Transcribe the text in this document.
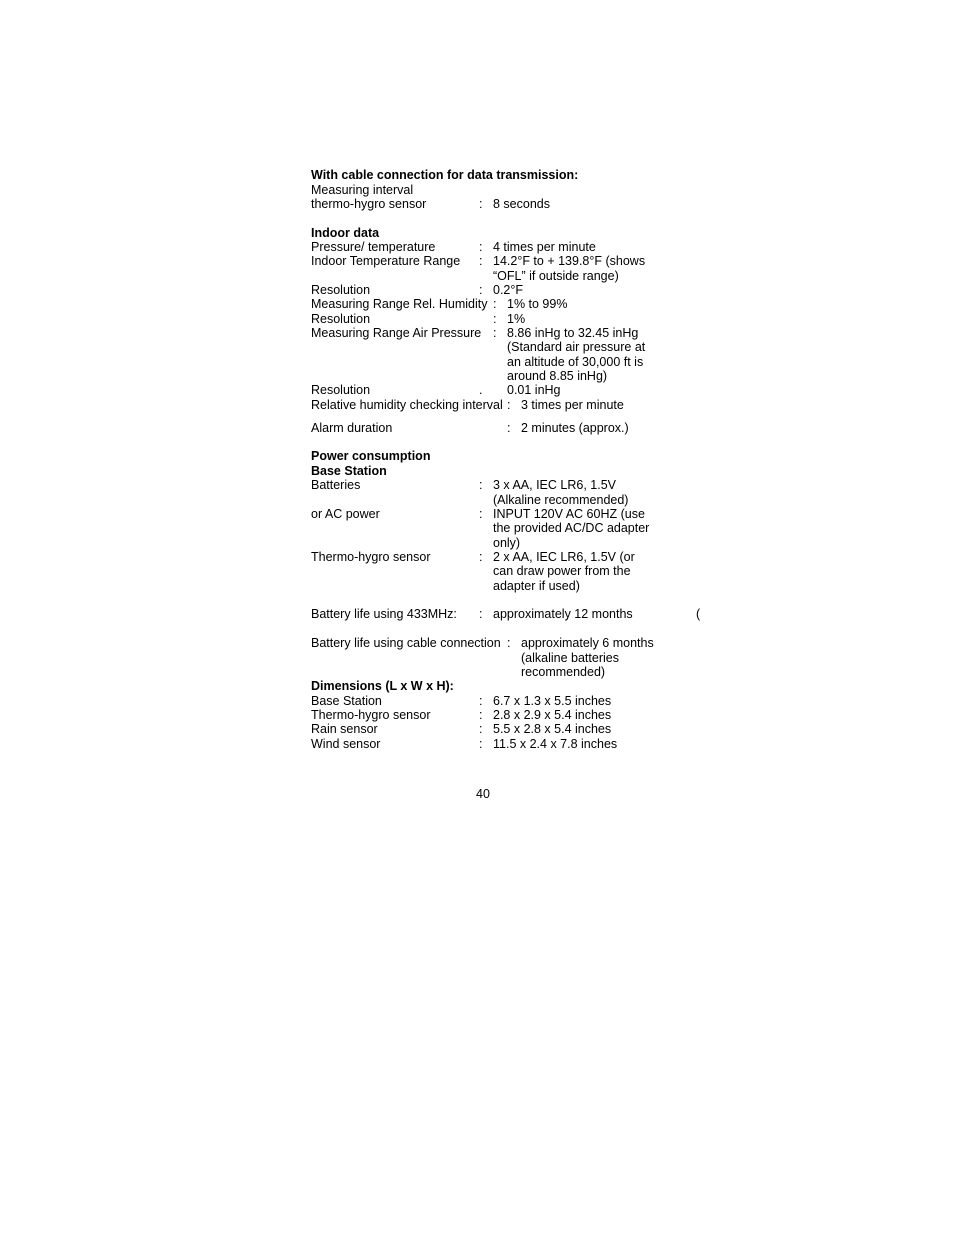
With cable connection for data transmission:
Measuring interval
thermo-hygro sensor	: 8 seconds
Indoor data
Pressure/ temperature	: 4 times per minute
Indoor Temperature Range : 14.2°F to + 139.8°F (shows
“OFL” if outside range)
Resolution	: 0.2°F
Measuring Range Rel. Humidity : 1% to 99%
Resolution	: 1%
Measuring Range Air Pressure : 8.86 inHg to 32.45 inHg
(Standard air pressure at
an altitude of 30,000 ft is
around 8.85 inHg)
Resolution	. 0.01 inHg
Relative humidity checking interval : 3 times per minute
Alarm duration	: 2 minutes (approx.)
Power consumption
Base Station
Batteries	: 3 x AA, IEC LR6, 1.5V
(Alkaline recommended)
or AC power	: INPUT 120V AC 60HZ (use
the provided AC/DC adapter
only)
Thermo-hygro sensor	: 2 x AA, IEC LR6, 1.5V (or
can draw power from the
adapter if used)
Battery life using 433MHz: : approximately 12 months	(
Battery life using cable connection : approximately 6 months
(alkaline batteries
recommended)
Dimensions (L x W x H):
Base Station	: 6.7 x 1.3 x 5.5 inches
Thermo-hygro sensor	: 2.8 x 2.9 x 5.4 inches
Rain sensor	: 5.5 x 2.8 x 5.4 inches
Wind sensor	: 11.5 x 2.4 x 7.8 inches
40
